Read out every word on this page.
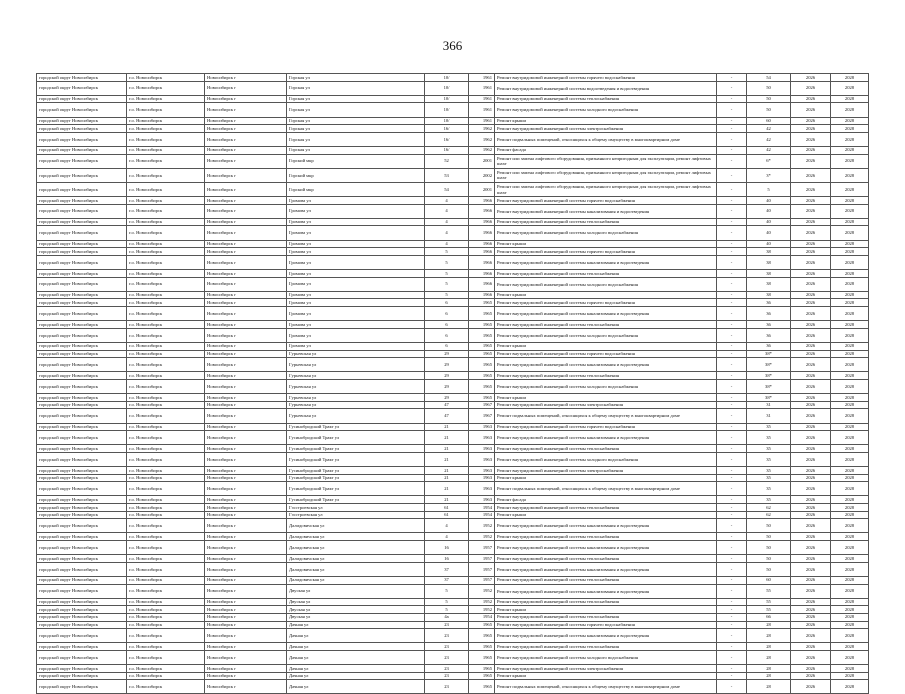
366
городской округ Новосибирск	г.о. Новосибирск	Новосибирск г	Горская ул	10/	1961	Ремонт внутридомовой инженерной системы горячего водоснабжения	-	54	2026	2028
городской округ Новосибирск	г.о. Новосибирск	Новосибирск г	Горская ул	10/	1961	Ремонт внутридомовой инженерной системы водоотведения и водоотведения	-	50	2026	2028
городской округ Новосибирск	г.о. Новосибирск	Новосибирск г	Горская ул	10/	1961	Ремонт внутридомовой инженерной системы теплоснабжения	-	50	2026	2028
городской округ Новосибирск	г.о. Новосибирск	Новосибирск г	Горская ул	10/	1961	Ремонт внутридомовой инженерной системы холодного водоснабжения	-	50	2026	2028
городской округ Новосибирск	г.о. Новосибирск	Новосибирск г	Горская ул	10/	1961	Ремонт крыши	-	60	2026	2028
городской округ Новосибирск	г.о. Новосибирск	Новосибирск г	Горская ул	16/	1962	Ремонт внутридомовой инженерной системы электроснабжения	-	42	2026	2028
городской округ Новосибирск	г.о. Новосибирск	Новосибирск г	Горская ул	16/	1962	Ремонт подвальных помещений, относящихся к общему имуществу в многоквартирном доме	-	42	2026	2028
городской округ Новосибирск	г.о. Новосибирск	Новосибирск г	Горская ул	16/	1962	Ремонт фасада	-	42	2026	2028
городской округ Новосибирск	г.о. Новосибирск	Новосибирск г	Горский мкр	52	2001	Ремонт или замена лифтового оборудования, признанного непригодным для эксплуатации, ремонт лифтовых шахт	-	6*	2026	2028
городской округ Новосибирск	г.о. Новосибирск	Новосибирск г	Горский мкр	53	2002	Ремонт или замена лифтового оборудования, признанного непригодным для эксплуатации, ремонт лифтовых шахт	-	3*	2026	2028
городской округ Новосибирск	г.о. Новосибирск	Новосибирск г	Горский мкр	54	2001	Ремонт или замена лифтового оборудования, признанного непригодным для эксплуатации, ремонт лифтовых шахт	-	5	2026	2028
городской округ Новосибирск	г.о. Новосибирск	Новосибирск г	Громова ул	4	1966	Ремонт внутридомовой инженерной системы горячего водоснабжения	-	40	2026	2028
городской округ Новосибирск	г.о. Новосибирск	Новосибирск г	Громова ул	4	1966	Ремонт внутридомовой инженерной системы канализования и водоотведения	-	40	2026	2028
городской округ Новосибирск	г.о. Новосибирск	Новосибирск г	Громова ул	4	1966	Ремонт внутридомовой инженерной системы теплоснабжения	-	40	2026	2028
городской округ Новосибирск	г.о. Новосибирск	Новосибирск г	Громова ул	4	1966	Ремонт внутридомовой инженерной системы холодного водоснабжения	-	40	2026	2028
городской округ Новосибирск	г.о. Новосибирск	Новосибирск г	Громова ул	4	1966	Ремонт крыши	-	40	2026	2028
городской округ Новосибирск	г.о. Новосибирск	Новосибирск г	Громова ул	5	1966	Ремонт внутридомовой инженерной системы горячего водоснабжения	-	38	2026	2028
городской округ Новосибирск	г.о. Новосибирск	Новосибирск г	Громова ул	5	1966	Ремонт внутридомовой инженерной системы канализования и водоотведения	-	38	2026	2028
городской округ Новосибирск	г.о. Новосибирск	Новосибирск г	Громова ул	5	1966	Ремонт внутридомовой инженерной системы теплоснабжения	-	38	2026	2028
городской округ Новосибирск	г.о. Новосибирск	Новосибирск г	Громова ул	5	1966	Ремонт внутридомовой инженерной системы холодного водоснабжения	-	38	2026	2028
городской округ Новосибирск	г.о. Новосибирск	Новосибирск г	Громова ул	5	1966	Ремонт крыши	-	38	2026	2028
городской округ Новосибирск	г.о. Новосибирск	Новосибирск г	Громова ул	6	1965	Ремонт внутридомовой инженерной системы горячего водоснабжения	-	36	2026	2028
городской округ Новосибирск	г.о. Новосибирск	Новосибирск г	Громова ул	6	1965	Ремонт внутридомовой инженерной системы канализования и водоотведения	-	36	2026	2028
городской округ Новосибирск	г.о. Новосибирск	Новосибирск г	Громова ул	6	1965	Ремонт внутридомовой инженерной системы теплоснабжения	-	36	2026	2028
городской округ Новосибирск	г.о. Новосибирск	Новосибирск г	Громова ул	6	1965	Ремонт внутридомовой инженерной системы холодного водоснабжения	-	36	2026	2028
городской округ Новосибирск	г.о. Новосибирск	Новосибирск г	Громова ул	6	1965	Ремонт крыши	-	36	2026	2028
городской округ Новосибирск	г.о. Новосибирск	Новосибирск г	Гурьевская ул	29	1965	Ремонт внутридомовой инженерной системы горячего водоснабжения	-	38*	2026	2028
городской округ Новосибирск	г.о. Новосибирск	Новосибирск г	Гурьевская ул	29	1965	Ремонт внутридомовой инженерной системы канализования и водоотведения	-	38*	2026	2028
городской округ Новосибирск	г.о. Новосибирск	Новосибирск г	Гурьевская ул	29	1965	Ремонт внутридомовой инженерной системы теплоснабжения	-	38*	2026	2028
городской округ Новосибирск	г.о. Новосибирск	Новосибирск г	Гурьевская ул	29	1965	Ремонт внутридомовой инженерной системы холодного водоснабжения	-	38*	2026	2028
городской округ Новосибирск	г.о. Новосибирск	Новосибирск г	Гурьевская ул	29	1965	Ремонт крыши	-	38*	2026	2028
городской округ Новосибирск	г.о. Новосибирск	Новосибирск г	Гурьевская ул	47	1967	Ремонт внутридомовой инженерной системы электроснабжения	-	31	2026	2028
городской округ Новосибирск	г.о. Новосибирск	Новосибирск г	Гурьевская ул	47	1967	Ремонт подвальных помещений, относящихся к общему имуществу в многоквартирном доме	-	31	2026	2028
городской округ Новосибирск	г.о. Новосибирск	Новосибирск г	Гусинобродский Тракт ул	21	1963	Ремонт внутридомовой инженерной системы горячего водоснабжения	-	35	2026	2028
городской округ Новосибирск	г.о. Новосибирск	Новосибирск г	Гусинобродский Тракт ул	21	1963	Ремонт внутридомовой инженерной системы канализования и водоотведения	-	35	2026	2028
городской округ Новосибирск	г.о. Новосибирск	Новосибирск г	Гусинобродский Тракт ул	21	1963	Ремонт внутридомовой инженерной системы теплоснабжения	-	35	2026	2028
городской округ Новосибирск	г.о. Новосибирск	Новосибирск г	Гусинобродский Тракт ул	21	1963	Ремонт внутридомовой инженерной системы холодного водоснабжения	-	35	2026	2028
городской округ Новосибирск	г.о. Новосибирск	Новосибирск г	Гусинобродский Тракт ул	21	1963	Ремонт внутридомовой инженерной системы электроснабжения	-	35	2026	2028
городской округ Новосибирск	г.о. Новосибирск	Новосибирск г	Гусинобродский Тракт ул	21	1963	Ремонт крыши	-	35	2026	2028
городской округ Новосибирск	г.о. Новосибирск	Новосибирск г	Гусинобродский Тракт ул	21	1963	Ремонт подвальных помещений, относящихся к общему имуществу в многоквартирном доме	-	35	2026	2028
городской округ Новосибирск	г.о. Новосибирск	Новосибирск г	Гусинобродский Тракт ул	21	1963	Ремонт фасада	-	35	2026	2028
городской округ Новосибирск	г.о. Новосибирск	Новосибирск г	Гэсстроевская ул	61	1954	Ремонт внутридомовой инженерной системы теплоснабжения	-	62	2026	2028
городской округ Новосибирск	г.о. Новосибирск	Новосибирск г	Гэсстроевская ул	61	1954	Ремонт крыши	-	62	2026	2028
городской округ Новосибирск	г.о. Новосибирск	Новосибирск г	Далидовичская ул	4	1952	Ремонт внутридомовой инженерной системы канализования и водоотведения	-	50	2026	2028
городской округ Новосибирск	г.о. Новосибирск	Новосибирск г	Далидовичская ул	4	1952	Ремонт внутридомовой инженерной системы теплоснабжения	-	50	2026	2028
городской округ Новосибирск	г.о. Новосибирск	Новосибирск г	Далидовичская ул	16	1957	Ремонт внутридомовой инженерной системы канализования и водоотведения	-	50	2026	2028
городской округ Новосибирск	г.о. Новосибирск	Новосибирск г	Далидовичская ул	16	1957	Ремонт внутридомовой инженерной системы теплоснабжения	-	50	2026	2028
городской округ Новосибирск	г.о. Новосибирск	Новосибирск г	Далидовичская ул	37	1957	Ремонт внутридомовой инженерной системы канализования и водоотведения	-	50	2026	2028
городской округ Новосибирск	г.о. Новосибирск	Новосибирск г	Далидовичская ул	37	1957	Ремонт внутридомовой инженерной системы теплоснабжения	-	60	2026	2028
городской округ Новосибирск	г.о. Новосибирск	Новосибирск г	Двуская ул	5	1952	Ремонт внутридомовой инженерной системы канализования и водоотведения	-	55	2026	2028
городской округ Новосибирск	г.о. Новосибирск	Новосибирск г	Двуская ул	5	1952	Ремонт внутридомовой инженерной системы теплоснабжения	-	55	2026	2028
городской округ Новосибирск	г.о. Новосибирск	Новосибирск г	Двуская ул	5	1952	Ремонт крыши	-	55	2026	2028
городской округ Новосибирск	г.о. Новосибирск	Новосибирск г	Двуская ул	4а	1954	Ремонт внутридомовой инженерной системы теплоснабжения	-	66	2026	2028
городской округ Новосибирск	г.о. Новосибирск	Новосибирск г	Дачная ул	23	1965	Ремонт внутридомовой инженерной системы горячего водоснабжения	-	28	2026	2028
городской округ Новосибирск	г.о. Новосибирск	Новосибирск г	Дачная ул	23	1965	Ремонт внутридомовой инженерной системы канализования и водоотведения	-	28	2026	2028
городской округ Новосибирск	г.о. Новосибирск	Новосибирск г	Дачная ул	23	1965	Ремонт внутридомовой инженерной системы теплоснабжения	-	28	2026	2028
городской округ Новосибирск	г.о. Новосибирск	Новосибирск г	Дачная ул	23	1965	Ремонт внутридомовой инженерной системы холодного водоснабжения	-	28	2026	2028
городской округ Новосибирск	г.о. Новосибирск	Новосибирск г	Дачная ул	23	1965	Ремонт внутридомовой инженерной системы электроснабжения	-	28	2026	2028
городской округ Новосибирск	г.о. Новосибирск	Новосибирск г	Дачная ул	23	1965	Ремонт крыши	-	28	2026	2028
городской округ Новосибирск	г.о. Новосибирск	Новосибирск г	Дачная ул	23	1965	Ремонт подвальных помещений, относящихся к общему имуществу в многоквартирном доме	-	28	2026	2028
